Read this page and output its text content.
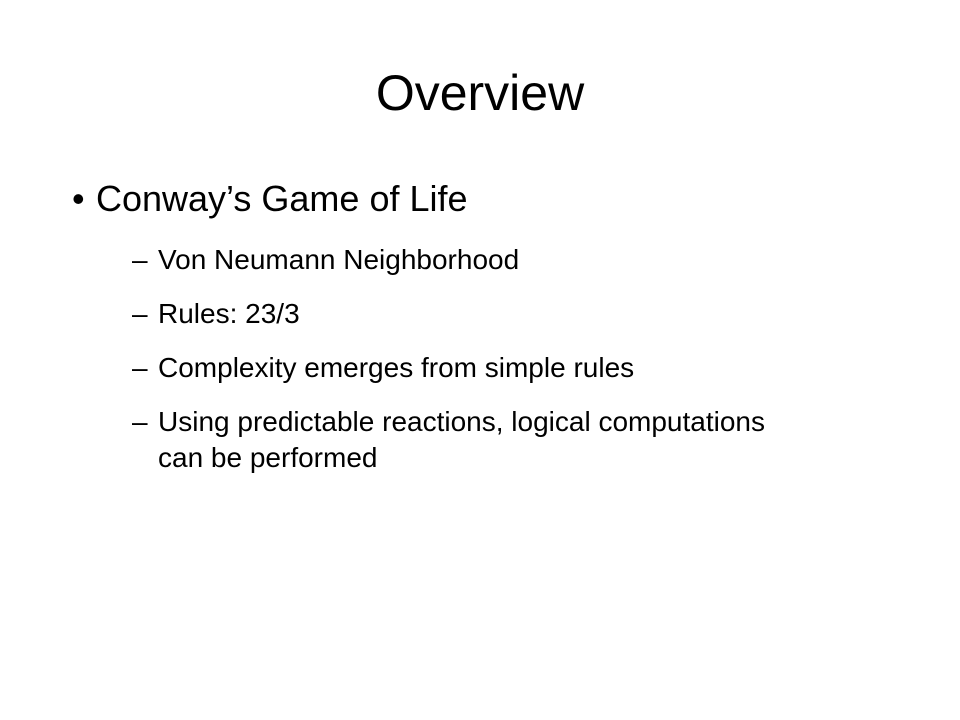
Overview
• Conway’s Game of Life
– Von Neumann Neighborhood
– Rules: 23/3
– Complexity emerges from simple rules
– Using predictable reactions, logical computations can be performed
